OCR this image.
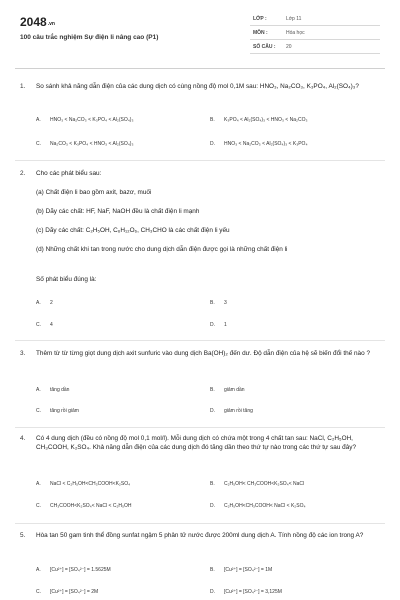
$2048^{.vn}$
100 câu trắc nghiệm Sự điện li nâng cao (P1)
LỚP :	Lớp 11
MÔN :	Hóa học
SỐ CÂU : 20
1. So sánh khả năng dẫn điện của các dung dịch có cùng nồng độ mol 0,1M sau: HNO₃, Na₂CO₃, K₃PO₄, Al₂(SO₄)₃?
A. HNO₃ < Na₂CO₃ < K₃PO₄ < Al₂(SO₄)₃	B. K₃PO₄ < Al₂(SO₄)₃ < HNO₃ < Na₂CO₃
C. Na₂CO₃ < K₃PO₄ < HNO₃ < Al₂(SO₄)₃	D. HNO₃ < Na₂CO₃ < Al₂(SO₄)₃ < K₃PO₄
2. Cho các phát biểu sau:
(a) Chất điện li bao gồm axit, bazơ, muối
(b) Dãy các chất: HF, NaF, NaOH đều là chất điện li mạnh
(c) Dãy các chất: C₂H₅OH, C₆H₁₂O₆, CH₃CHO là các chất điện li yếu
(d) Những chất khi tan trong nước cho dung dịch dẫn điện được gọi là những chất điện li
Số phát biểu đúng là:
A. 2	B. 3
C. 4	D. 1
3. Thêm từ từ từng giọt dung dịch axit sunfuric vào dung dịch Ba(OH)₂ đến dư. Độ dẫn điện của hệ sẽ biến đổi thế nào ?
A. tăng dần	B. giảm dần
C. tăng rồi giảm	D. giảm rồi tăng
4. Có 4 dung dịch (đều có nồng độ mol 0,1 mol/l). Mỗi dung dịch có chứa một trong 4 chất tan sau: NaCl, C₂H₅OH, CH₃COOH, K₂SO₄. Khả năng dẫn điện của các dung dịch đó tăng dần theo thứ tự nào trong các thứ tự sau đây?
A. NaCl < C₂H₅OH<CH₃COOH<K₂SO₄	B. C₂H₅OH< CH₃COOH<K₂SO₄< NaCl
C. CH₃COOH<K₂SO₄< NaCl < C₂H₅OH	D. C₂H₅OH<CH₃COOH< NaCl < K₂SO₄
5. Hòa tan 50 gam tinh thể đồng sunfat ngậm 5 phân tử nước được 200ml dung dịch A. Tính nồng độ các ion trong A?
A. [Cu²⁺] = [SO₄²⁻] = 1.5625M	B. [Cu²⁺] = [SO₄²⁻] = 1M
C. [Cu²⁺] = [SO₄²⁻] = 2M	D. [Cu²⁺] = [SO₄²⁻] = 3,125M
